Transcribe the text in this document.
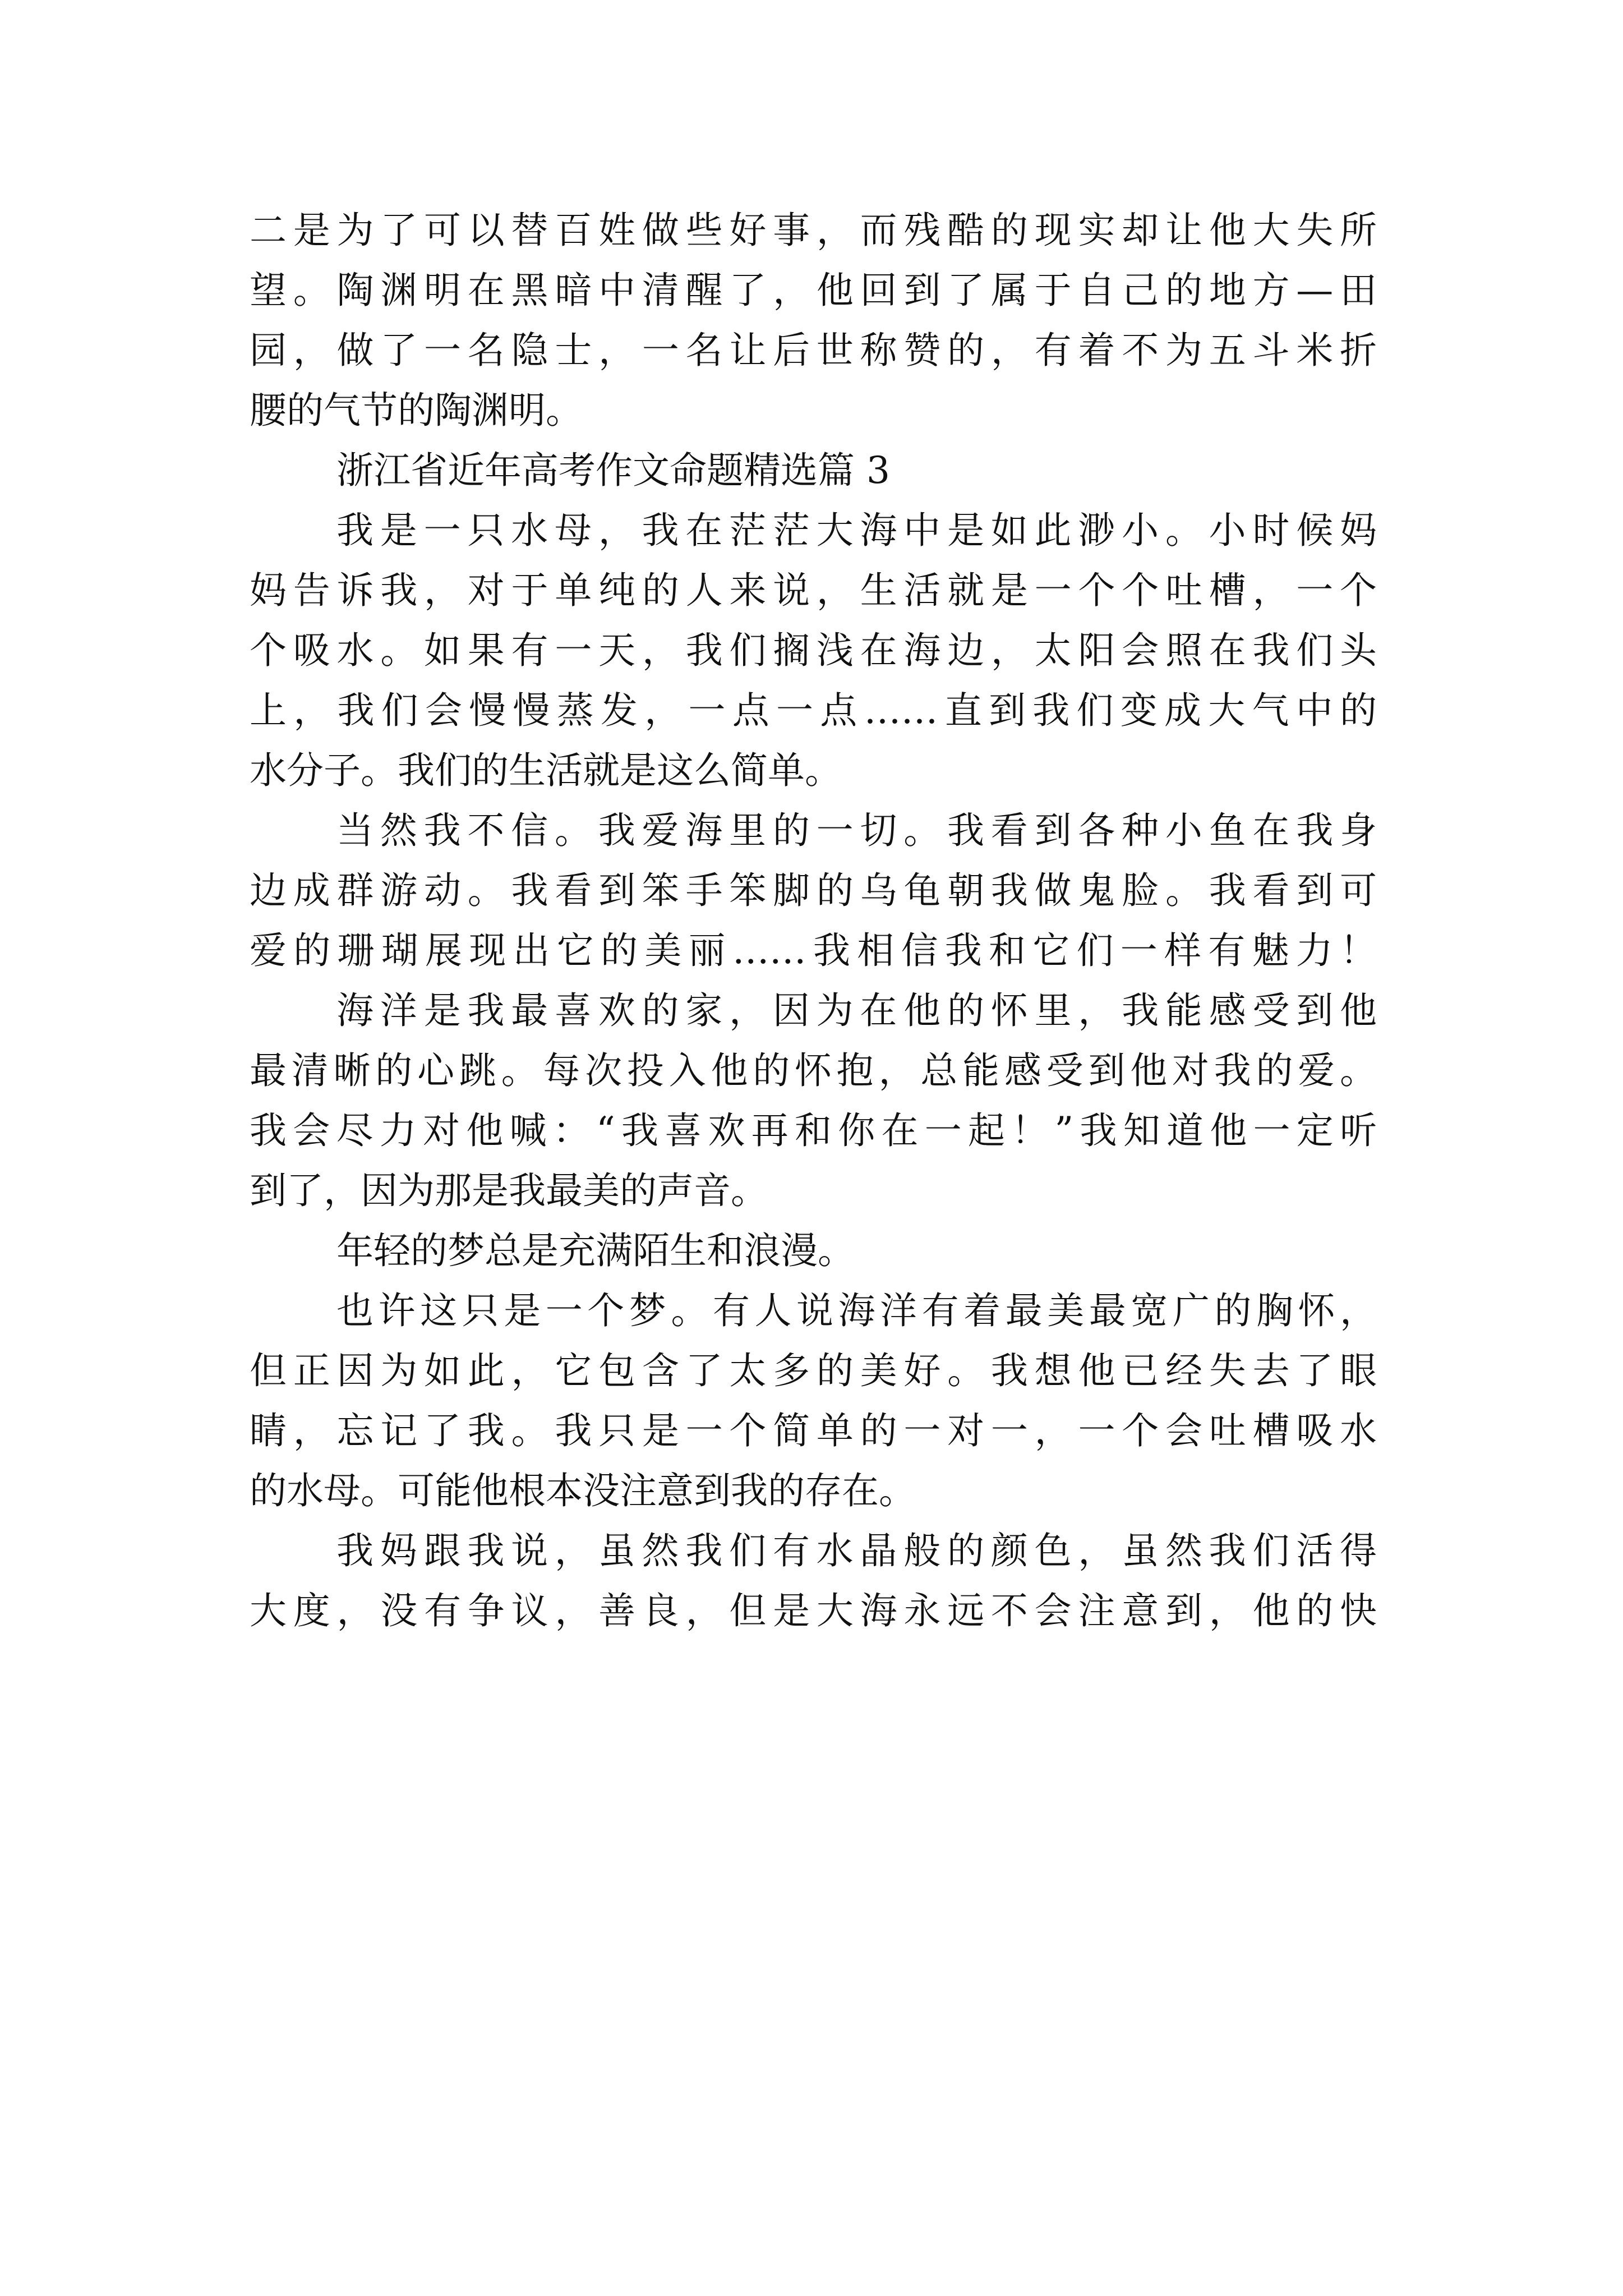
二是为了可以替百姓做些好事，而残酷的现实却让他大失所
望。陶渊明在黑暗中清醒了，他回到了属于自己的地方—田
园，做了一名隐士，一名让后世称赞的，有着不为五斗米折
腰的气节的陶渊明。
浙江省近年高考作文命题精选篇 3
我是一只水母，我在茫茫大海中是如此渺小。小时候妈
妈告诉我，对于单纯的人来说，生活就是一个个吐槽，一个
个吸水。如果有一天，我们搁浅在海边，太阳会照在我们头
上，我们会慢慢蒸发，一点一点……直到我们变成大气中的
水分子。我们的生活就是这么简单。
当然我不信。我爱海里的一切。我看到各种小鱼在我身
边成群游动。我看到笨手笨脚的乌龟朝我做鬼脸。我看到可
爱的珊瑚展现出它的美丽……我相信我和它们一样有魅力！
海洋是我最喜欢的家，因为在他的怀里，我能感受到他
最清晰的心跳。每次投入他的怀抱，总能感受到他对我的爱。
我会尽力对他喊：“我喜欢再和你在一起！”我知道他一定听
到了，因为那是我最美的声音。
年轻的梦总是充满陌生和浪漫。
也许这只是一个梦。有人说海洋有着最美最宽广的胸怀，
但正因为如此，它包含了太多的美好。我想他已经失去了眼
睛，忘记了我。我只是一个简单的一对一，一个会吐槽吸水
的水母。可能他根本没注意到我的存在。
我妈跟我说，虽然我们有水晶般的颜色，虽然我们活得
大度，没有争议，善良，但是大海永远不会注意到，他的快
